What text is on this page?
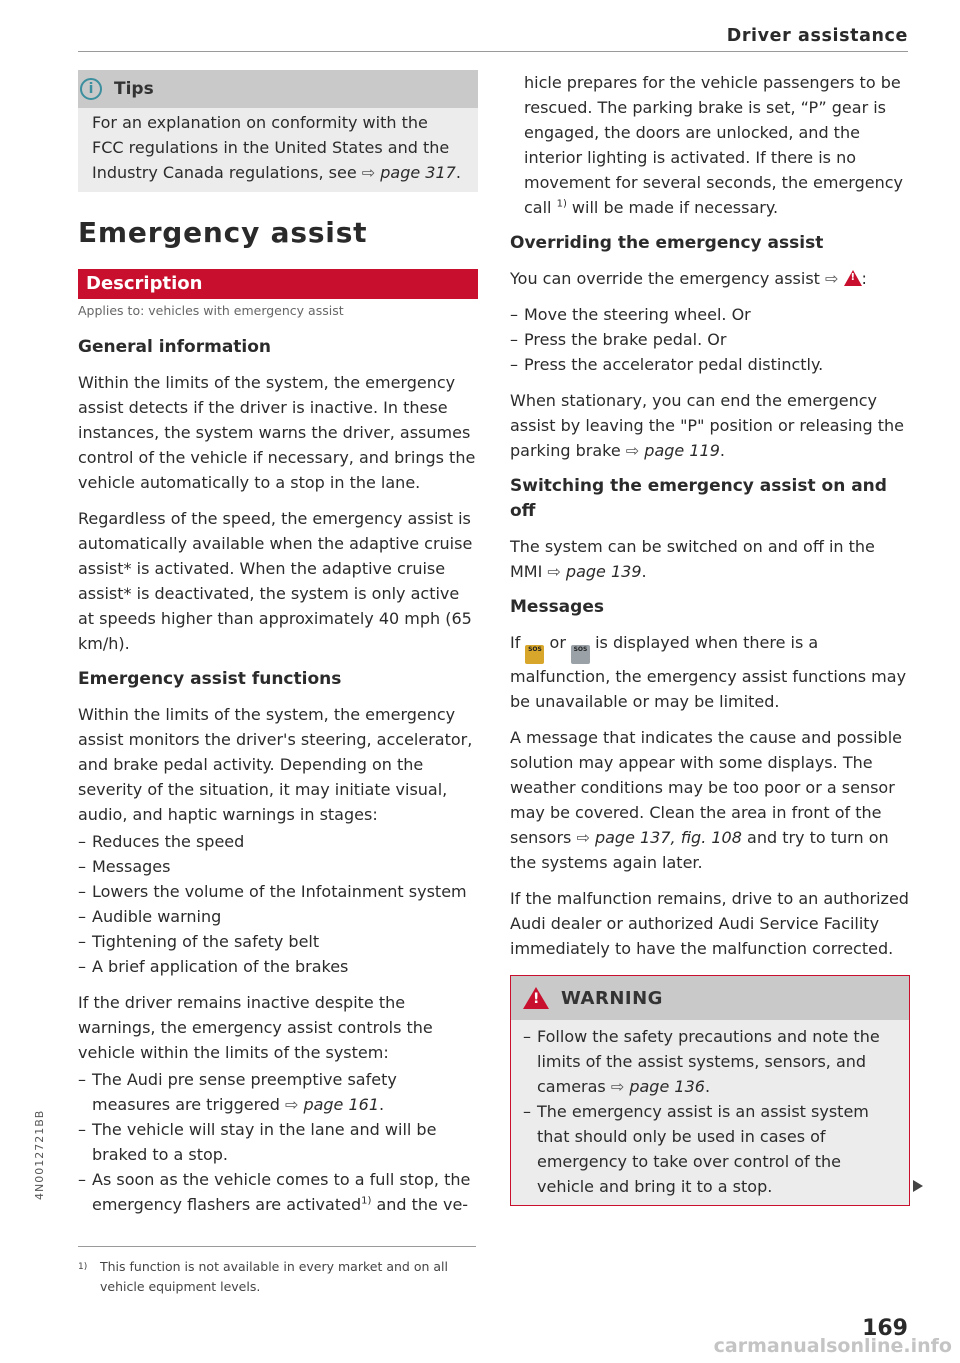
Driver assistance
i	Tips
For an explanation on conformity with the FCC regulations in the United States and the Industry Canada regulations, see ⇨ page 317.
Emergency assist
Description
Applies to: vehicles with emergency assist
General information

Within the limits of the system, the emergency assist detects if the driver is inactive. In these instances, the system warns the driver, assumes control of the vehicle if necessary, and brings the vehicle automatically to a stop in the lane.

Regardless of the speed, the emergency assist is automatically available when the adaptive cruise assist* is activated. When the adaptive cruise assist* is deactivated, the system is only active at speeds higher than approximately 40 mph (65 km/h).

Emergency assist functions

Within the limits of the system, the emergency assist monitors the driver's steering, accelerator, and brake pedal activity. Depending on the severity of the situation, it may initiate visual, audio, and haptic warnings in stages:

– Reduces the speed
– Messages
– Lowers the volume of the Infotainment system
– Audible warning
– Tightening of the safety belt
– A brief application of the brakes

If the driver remains inactive despite the warnings, the emergency assist controls the vehicle within the limits of the system:

– The Audi pre sense preemptive safety measures are triggered ⇨ page 161.
– The vehicle will stay in the lane and will be braked to a stop.
– As soon as the vehicle comes to a full stop, the emergency flashers are activated$^{1)}$ and the ve-
1) This function is not available in every market and on all vehicle equipment levels.

hicle prepares for the vehicle passengers to be rescued. The parking brake is set, “P” gear is engaged, the doors are unlocked, and the interior lighting is activated. If there is no movement for several seconds, the emergency call $^{1)}$ will be made if necessary.

Overriding the emergency assist

You can override the emergency assist ⇨ ! :

– Move the steering wheel. Or
– Press the brake pedal. Or
– Press the accelerator pedal distinctly.

When stationary, you can end the emergency assist by leaving the "P" position or releasing the parking brake ⇨ page 119.

Switching the emergency assist on and off

The system can be switched on and off in the MMI ⇨ page 139.

Messages

If SOS or SOS is displayed when there is a malfunction, the emergency assist functions may be unavailable or may be limited.

A message that indicates the cause and possible solution may appear with some displays. The weather conditions may be too poor or a sensor may be covered. Clean the area in front of the sensors ⇨ page 137, fig. 108 and try to turn on the systems again later.

If the malfunction remains, drive to an authorized Audi dealer or authorized Audi Service Facility immediately to have the malfunction corrected.

!
WARNING
– Follow the safety precautions and note the limits of the assist systems, sensors, and cameras ⇨ page 136.
– The emergency assist is an assist system that should only be used in cases of emergency to take over control of the vehicle and bring it to a stop.
4N0012721BB
169
carmanualsonline.info
